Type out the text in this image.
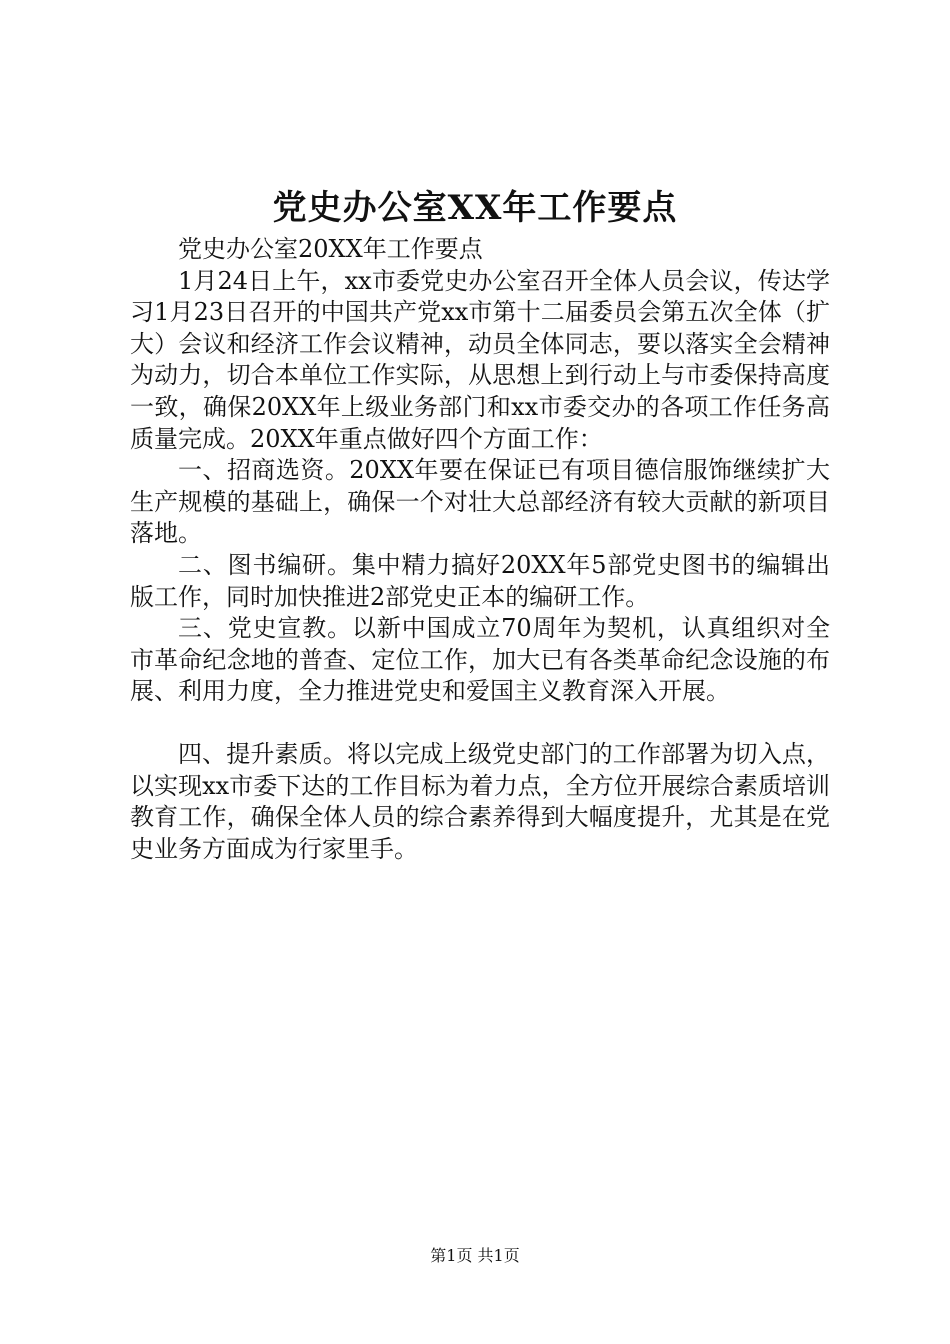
党史办公室XX年工作要点

党史办公室20XX年工作要点

1月24日上午，xx市委党史办公室召开全体人员会议，传达学习1月23日召开的中国共产党xx市第十二届委员会第五次全体（扩大）会议和经济工作会议精神，动员全体同志，要以落实全会精神为动力，切合本单位工作实际，从思想上到行动上与市委保持高度一致，确保20XX年上级业务部门和xx市委交办的各项工作任务高质量完成。20XX年重点做好四个方面工作：

一、招商选资。20XX年要在保证已有项目德信服饰继续扩大生产规模的基础上，确保一个对壮大总部经济有较大贡献的新项目落地。

二、图书编研。集中精力搞好20XX年5部党史图书的编辑出版工作，同时加快推进2部党史正本的编研工作。

三、党史宣教。以新中国成立70周年为契机，认真组织对全市革命纪念地的普查、定位工作，加大已有各类革命纪念设施的布展、利用力度，全力推进党史和爱国主义教育深入开展。

四、提升素质。将以完成上级党史部门的工作部署为切入点，以实现xx市委下达的工作目标为着力点，全方位开展综合素质培训教育工作，确保全体人员的综合素养得到大幅度提升，尤其是在党史业务方面成为行家里手。

第1页 共1页
